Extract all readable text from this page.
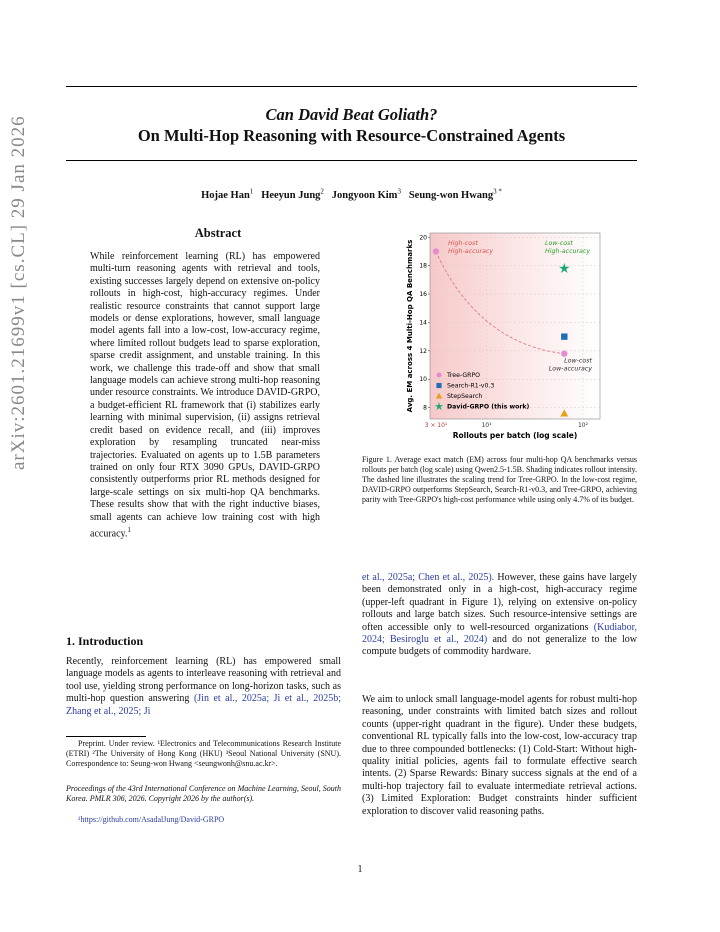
arXiv:2601.21699v1 [cs.CL] 29 Jan 2026
Can David Beat Goliath?
On Multi-Hop Reasoning with Resource-Constrained Agents
Hojae Han$^1$ Heeyun Jung$^2$ Jongyoon Kim$^3$ Seung-won Hwang$^{3 *}$
Abstract
While reinforcement learning (RL) has empowered multi-turn reasoning agents with retrieval and tools, existing successes largely depend on extensive on-policy rollouts in high-cost, high-accuracy regimes. Under realistic resource constraints that cannot support large models or dense explorations, however, small language model agents fall into a low-cost, low-accuracy regime, where limited rollout budgets lead to sparse exploration, sparse credit assignment, and unstable training. In this work, we challenge this trade-off and show that small language models can achieve strong multi-hop reasoning under resource constraints. We introduce DAVID-GRPO, a budget-efficient RL framework that (i) stabilizes early learning with minimal supervision, (ii) assigns retrieval credit based on evidence recall, and (iii) improves exploration by resampling truncated near-miss trajectories. Evaluated on agents up to 1.5B parameters trained on only four RTX 3090 GPUs, DAVID-GRPO consistently outperforms prior RL methods designed for large-scale settings on six multi-hop QA benchmarks. These results show that with the right inductive biases, small agents can achieve low training cost with high accuracy.$^1$
1. Introduction
Recently, reinforcement learning (RL) has empowered small language models as agents to interleave reasoning with retrieval and tool use, yielding strong performance on long-horizon tasks, such as multi-hop question answering (Jin et al., 2025a; Ji et al., 2025b; Zhang et al., 2025; Ji
Preprint. Under review. ¹Electronics and Telecommunications Research Institute (ETRI) ²The University of Hong Kong (HKU) ³Seoul National University (SNU). Correspondence to: Seung-won Hwang <seungwonh@snu.ac.kr>.
Proceedings of the 43rd International Conference on Machine Learning, Seoul, South Korea. PMLR 306, 2026. Copyright 2026 by the author(s).
¹https://github.com/AsadalJung/David-GRPO
8
10
12
14
16
18
20
3 × 10¹	10¹	10²
High-cost
High-accuracy
Low-cost
High-accuracy
Low-cost
Low-accuracy
Tree-GRPO
Search-R1-v0.3
StepSearch
David-GRPO (this work)
Rollouts per batch (log scale)
Avg. EM across 4 Multi-Hop QA Benchmarks
Figure 1. Average exact match (EM) across four multi-hop QA benchmarks versus rollouts per batch (log scale) using Qwen2.5-1.5B. Shading indicates rollout intensity. The dashed line illustrates the scaling trend for Tree-GRPO. In the low-cost regime, DAVID-GRPO outperforms StepSearch, Search-R1-v0.3, and Tree-GRPO, achieving parity with Tree-GRPO's high-cost performance while using only 4.7% of its budget.
et al., 2025a; Chen et al., 2025). However, these gains have largely been demonstrated only in a high-cost, high-accuracy regime (upper-left quadrant in Figure 1), relying on extensive on-policy rollouts and large batch sizes. Such resource-intensive settings are often accessible only to well-resourced organizations (Kudiabor, 2024; Besiroglu et al., 2024) and do not generalize to the low compute budgets of commodity hardware.
We aim to unlock small language-model agents for robust multi-hop reasoning, under constraints with limited batch sizes and rollout counts (upper-right quadrant in the figure). Under these budgets, conventional RL typically falls into the low-cost, low-accuracy trap due to three compounded bottlenecks: (1) Cold-Start: Without high-quality initial policies, agents fail to formulate effective search intents. (2) Sparse Rewards: Binary success signals at the end of a multi-hop trajectory fail to evaluate intermediate retrieval actions. (3) Limited Exploration: Budget constraints hinder sufficient exploration to discover valid reasoning paths.
1
